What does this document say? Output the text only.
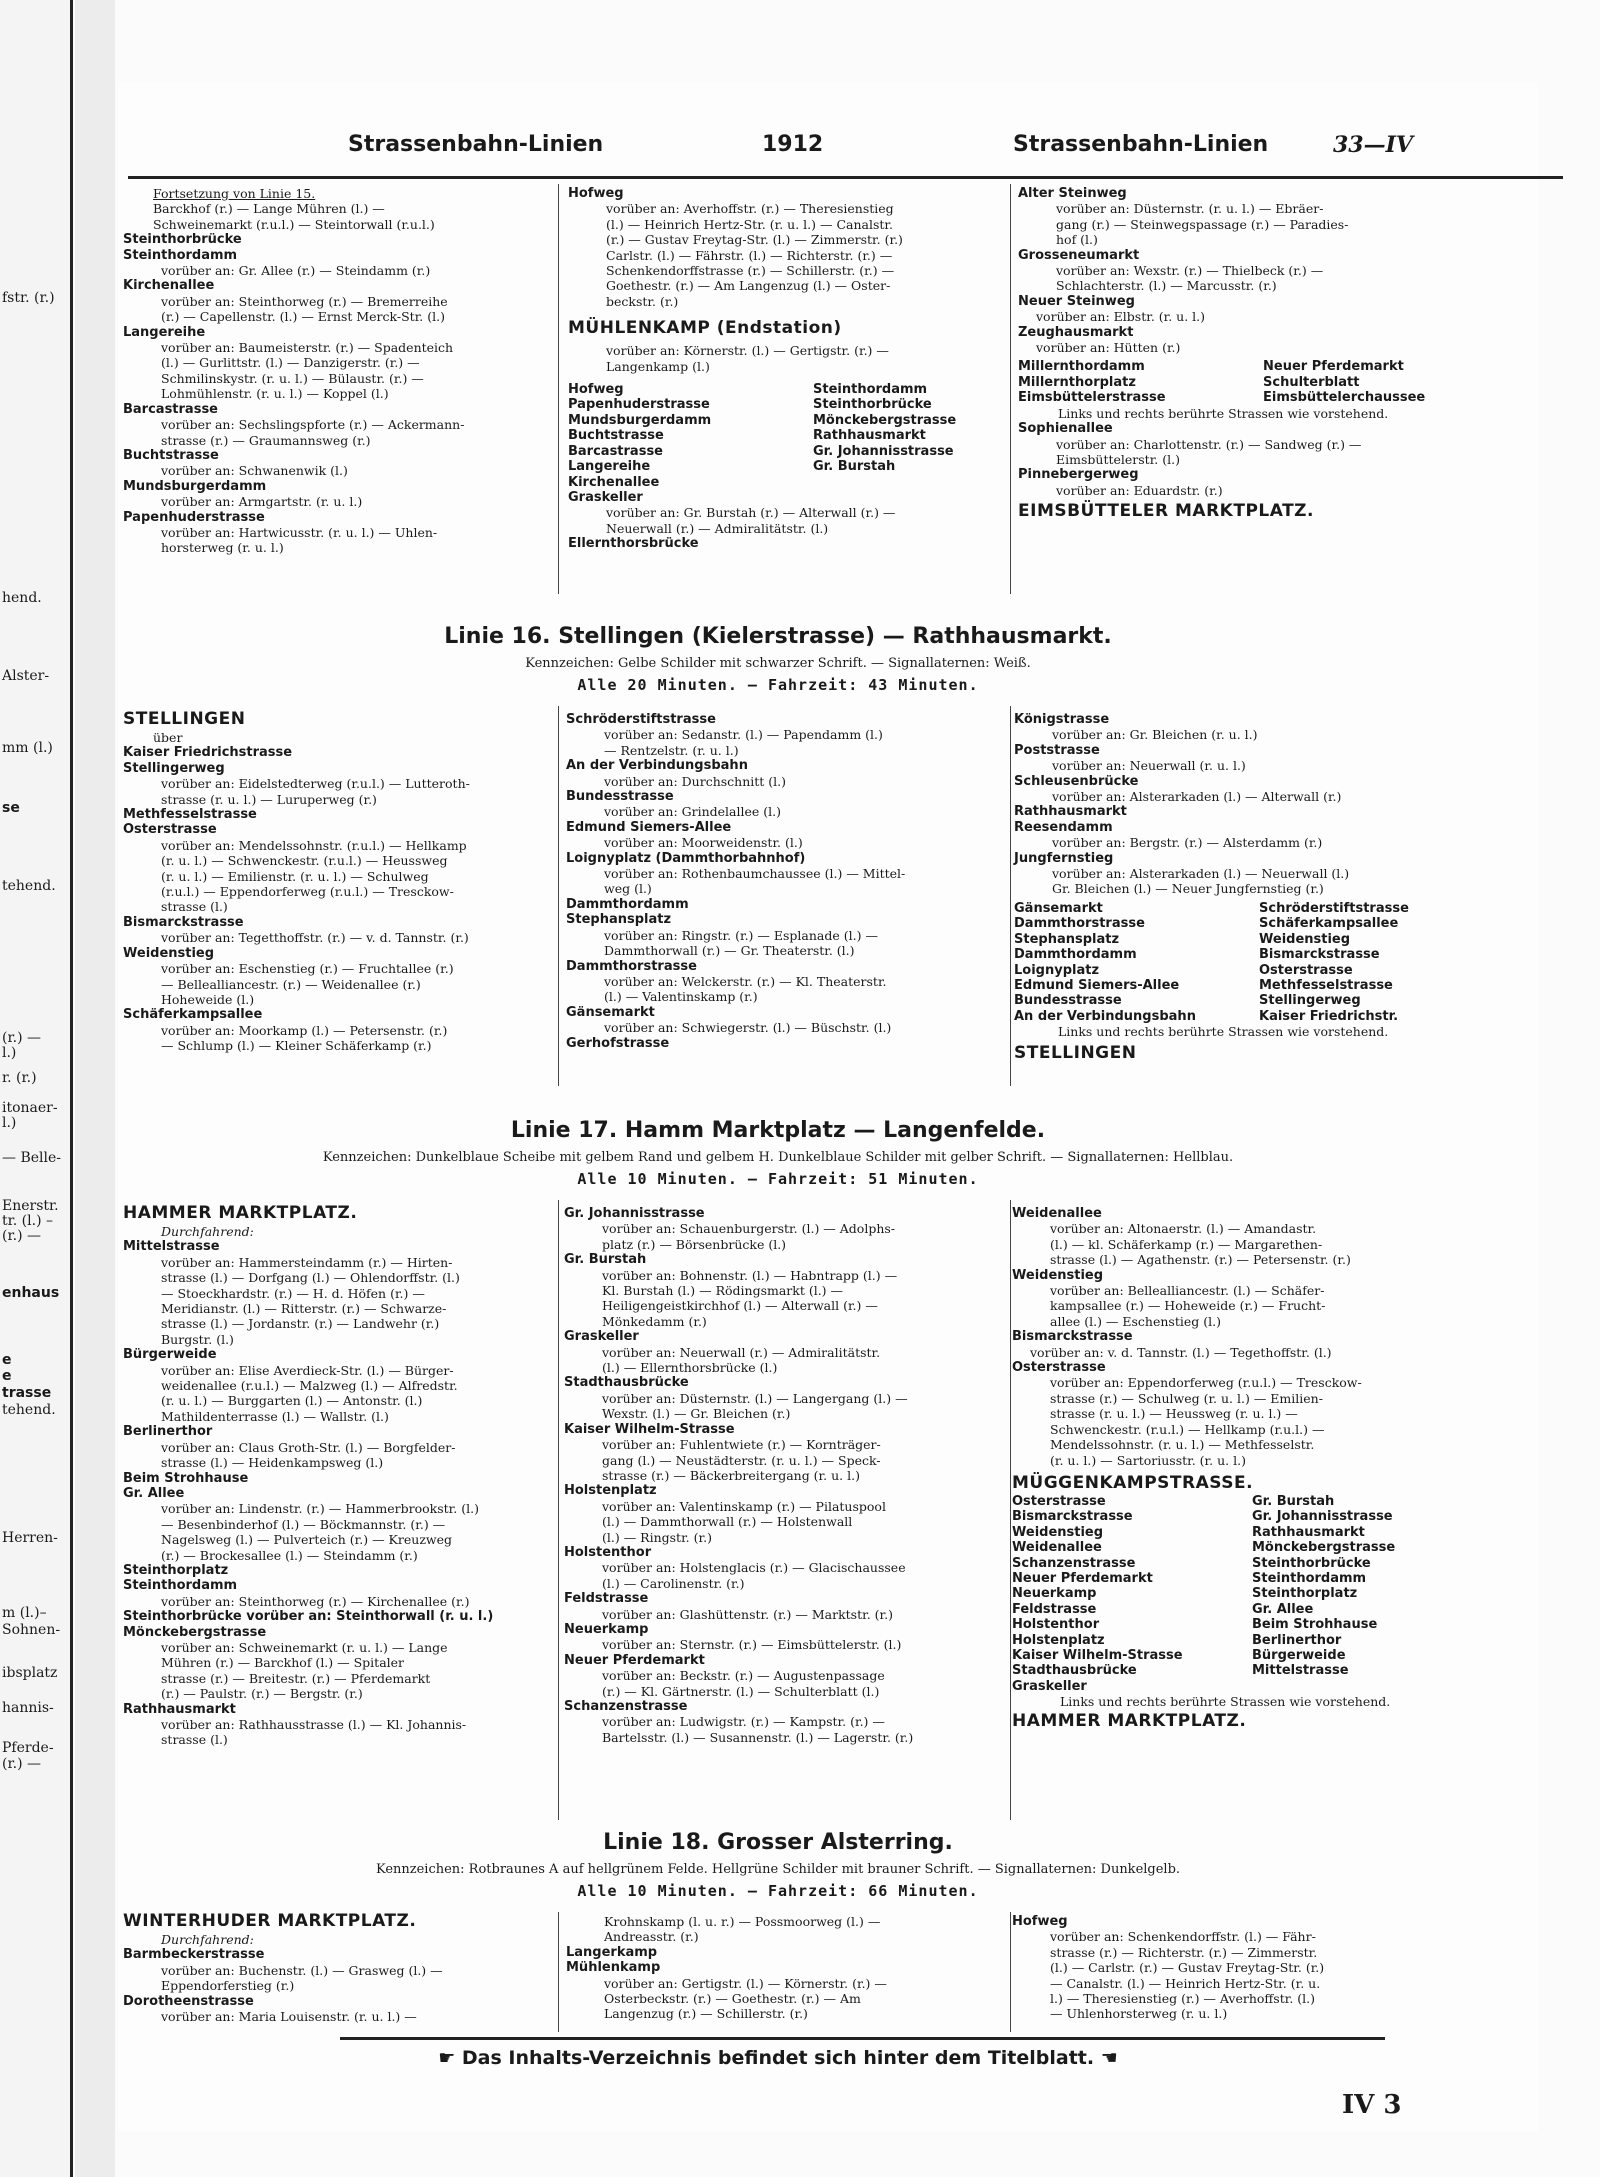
fstr. (r.)
hend.
Alster-
mm (l.)
se
tehend.
(r.) —
l.)
r. (r.)
itonaer-
l.)
— Belle-
Enerstr.
tr. (l.) –
(r.) —
enhaus
e
e
trasse
tehend.
Herren-
m (l.)–
Sohnen-
ibsplatz
hannis-
Pferde-
(r.) —
Strassenbahn-Linien	1912	Strassenbahn-Linien	33—IV
Fortsetzung von Linie 15.
Barckhof (r.) — Lange Mühren (l.) —
Schweinemarkt (r.u.l.) — Steintorwall (r.u.l.)
Steinthorbrücke
Steinthordamm
vorüber an: Gr. Allee (r.) — Steindamm (r.)
Kirchenallee
vorüber an: Steinthorweg (r.) — Bremerreihe
(r.) — Capellenstr. (l.) — Ernst Merck-Str. (l.)
Langereihe
vorüber an: Baumeisterstr. (r.) — Spadenteich
(l.) — Gurlittstr. (l.) — Danzigerstr. (r.) —
Schmilinskystr. (r. u. l.) — Bülaustr. (r.) —
Lohmühlenstr. (r. u. l.) — Koppel (l.)
Barcastrasse
vorüber an: Sechslingspforte (r.) — Ackermann-
strasse (r.) — Graumannsweg (r.)
Buchtstrasse
vorüber an: Schwanenwik (l.)
Mundsburgerdamm
vorüber an: Armgartstr. (r. u. l.)
Papenhuderstrasse
vorüber an: Hartwicusstr. (r. u. l.) — Uhlen-
horsterweg (r. u. l.)
Hofweg
vorüber an: Averhoffstr. (r.) — Theresienstieg
(l.) — Heinrich Hertz-Str. (r. u. l.) — Canalstr.
(r.) — Gustav Freytag-Str. (l.) — Zimmerstr. (r.)
Carlstr. (l.) — Fährstr. (l.) — Richterstr. (r.) —
Schenkendorffstrasse (r.) — Schillerstr. (r.) —
Goethestr. (r.) — Am Langenzug (l.) — Oster-
beckstr. (r.)
MÜHLENKAMP (Endstation)
vorüber an: Körnerstr. (l.) — Gertigstr. (r.) —
Langenkamp (l.)
Hofweg	Steinthordamm
Papenhuderstrasse	Steinthorbrücke
Mundsburgerdamm	Mönckebergstrasse
Buchtstrasse	Rathhausmarkt
Barcastrasse	Gr. Johannisstrasse
Langereihe	Gr. Burstah
Kirchenallee
Graskeller
vorüber an: Gr. Burstah (r.) — Alterwall (r.) —
Neuerwall (r.) — Admiralitätstr. (l.)
Ellernthorsbrücke
Alter Steinweg
vorüber an: Düsternstr. (r. u. l.) — Ebräer-
gang (r.) — Steinwegspassage (r.) — Paradies-
hof (l.)
Grosseneumarkt
vorüber an: Wexstr. (r.) — Thielbeck (r.) —
Schlachterstr. (l.) — Marcusstr. (r.)
Neuer Steinweg
vorüber an: Elbstr. (r. u. l.)
Zeughausmarkt
vorüber an: Hütten (r.)
Millernthordamm	Neuer Pferdemarkt
Millernthorplatz	Schulterblatt
Eimsbüttelerstrasse	Eimsbüttelerchaussee
Links und rechts berührte Strassen wie vorstehend.
Sophienallee
vorüber an: Charlottenstr. (r.) — Sandweg (r.) —
Eimsbüttelerstr. (l.)
Pinnebergerweg
vorüber an: Eduardstr. (r.)
EIMSBÜTTELER MARKTPLATZ.
Linie 16. Stellingen (Kielerstrasse) — Rathhausmarkt.
Kennzeichen: Gelbe Schilder mit schwarzer Schrift. — Signallaternen: Weiß.
Alle 20 Minuten. — Fahrzeit: 43 Minuten.
STELLINGEN
über
Kaiser Friedrichstrasse
Stellingerweg
vorüber an: Eidelstedterweg (r.u.l.) — Lutteroth-
strasse (r. u. l.) — Luruperweg (r.)
Methfesselstrasse
Osterstrasse
vorüber an: Mendelssohnstr. (r.u.l.) — Hellkamp
(r. u. l.) — Schwenckestr. (r.u.l.) — Heussweg
(r. u. l.) — Emilienstr. (r. u. l.) — Schulweg
(r.u.l.) — Eppendorferweg (r.u.l.) — Tresckow-
strasse (l.)
Bismarckstrasse
vorüber an: Tegetthoffstr. (r.) — v. d. Tannstr. (r.)
Weidenstieg
vorüber an: Eschenstieg (r.) — Fruchtallee (r.)
— Bellealliancestr. (r.) — Weidenallee (r.)
Hoheweide (l.)
Schäferkampsallee
vorüber an: Moorkamp (l.) — Petersenstr. (r.)
— Schlump (l.) — Kleiner Schäferkamp (r.)
Schröderstiftstrasse
vorüber an: Sedanstr. (l.) — Papendamm (l.)
— Rentzelstr. (r. u. l.)
An der Verbindungsbahn
vorüber an: Durchschnitt (l.)
Bundesstrasse
vorüber an: Grindelallee (l.)
Edmund Siemers-Allee
vorüber an: Moorweidenstr. (l.)
Loignyplatz (Dammthorbahnhof)
vorüber an: Rothenbaumchaussee (l.) — Mittel-
weg (l.)
Dammthordamm
Stephansplatz
vorüber an: Ringstr. (r.) — Esplanade (l.) —
Dammthorwall (r.) — Gr. Theaterstr. (l.)
Dammthorstrasse
vorüber an: Welckerstr. (r.) — Kl. Theaterstr.
(l.) — Valentinskamp (r.)
Gänsemarkt
vorüber an: Schwiegerstr. (l.) — Büschstr. (l.)
Gerhofstrasse
Königstrasse
vorüber an: Gr. Bleichen (r. u. l.)
Poststrasse
vorüber an: Neuerwall (r. u. l.)
Schleusenbrücke
vorüber an: Alsterarkaden (l.) — Alterwall (r.)
Rathhausmarkt
Reesendamm
vorüber an: Bergstr. (r.) — Alsterdamm (r.)
Jungfernstieg
vorüber an: Alsterarkaden (l.) — Neuerwall (l.)
Gr. Bleichen (l.) — Neuer Jungfernstieg (r.)
Gänsemarkt	Schröderstiftstrasse
Dammthorstrasse	Schäferkampsallee
Stephansplatz	Weidenstieg
Dammthordamm	Bismarckstrasse
Loignyplatz	Osterstrasse
Edmund Siemers-Allee	Methfesselstrasse
Bundesstrasse	Stellingerweg
An der Verbindungsbahn	Kaiser Friedrichstr.
Links und rechts berührte Strassen wie vorstehend.
STELLINGEN
Linie 17. Hamm Marktplatz — Langenfelde.
Kennzeichen: Dunkelblaue Scheibe mit gelbem Rand und gelbem H. Dunkelblaue Schilder mit gelber Schrift. — Signallaternen: Hellblau.
Alle 10 Minuten. — Fahrzeit: 51 Minuten.
HAMMER MARKTPLATZ.
Durchfahrend:
Mittelstrasse
vorüber an: Hammersteindamm (r.) — Hirten-
strasse (l.) — Dorfgang (l.) — Ohlendorffstr. (l.)
— Stoeckhardstr. (r.) — H. d. Höfen (r.) —
Meridianstr. (l.) — Ritterstr. (r.) — Schwarze-
strasse (l.) — Jordanstr. (r.) — Landwehr (r.)
Burgstr. (l.)
Bürgerweide
vorüber an: Elise Averdieck-Str. (l.) — Bürger-
weidenallee (r.u.l.) — Malzweg (l.) — Alfredstr.
(r. u. l.) — Burggarten (l.) — Antonstr. (l.)
Mathildenterrasse (l.) — Wallstr. (l.)
Berlinerthor
vorüber an: Claus Groth-Str. (l.) — Borgfelder-
strasse (l.) — Heidenkampsweg (l.)
Beim Strohhause
Gr. Allee
vorüber an: Lindenstr. (r.) — Hammerbrookstr. (l.)
— Besenbinderhof (l.) — Böckmannstr. (r.) —
Nagelsweg (l.) — Pulverteich (r.) — Kreuzweg
(r.) — Brockesallee (l.) — Steindamm (r.)
Steinthorplatz
Steinthordamm
vorüber an: Steinthorweg (r.) — Kirchenallee (r.)
Steinthorbrücke vorüber an: Steinthorwall (r. u. l.)
Mönckebergstrasse
vorüber an: Schweinemarkt (r. u. l.) — Lange
Mühren (r.) — Barckhof (l.) — Spitaler
strasse (r.) — Breitestr. (r.) — Pferdemarkt
(r.) — Paulstr. (r.) — Bergstr. (r.)
Rathhausmarkt
vorüber an: Rathhausstrasse (l.) — Kl. Johannis-
strasse (l.)
Gr. Johannisstrasse
vorüber an: Schauenburgerstr. (l.) — Adolphs-
platz (r.) — Börsenbrücke (l.)
Gr. Burstah
vorüber an: Bohnenstr. (l.) — Habntrapp (l.) —
Kl. Burstah (l.) — Rödingsmarkt (l.) —
Heiligengeistkirchhof (l.) — Alterwall (r.) —
Mönkedamm (r.)
Graskeller
vorüber an: Neuerwall (r.) — Admiralitätstr.
(l.) — Ellernthorsbrücke (l.)
Stadthausbrücke
vorüber an: Düsternstr. (l.) — Langergang (l.) —
Wexstr. (l.) — Gr. Bleichen (r.)
Kaiser Wilhelm-Strasse
vorüber an: Fuhlentwiete (r.) — Kornträger-
gang (l.) — Neustädterstr. (r. u. l.) — Speck-
strasse (r.) — Bäckerbreitergang (r. u. l.)
Holstenplatz
vorüber an: Valentinskamp (r.) — Pilatuspool
(l.) — Dammthorwall (r.) — Holstenwall
(l.) — Ringstr. (r.)
Holstenthor
vorüber an: Holstenglacis (r.) — Glacischaussee
(l.) — Carolinenstr. (r.)
Feldstrasse
vorüber an: Glashüttenstr. (r.) — Marktstr. (r.)
Neuerkamp
vorüber an: Sternstr. (r.) — Eimsbüttelerstr. (l.)
Neuer Pferdemarkt
vorüber an: Beckstr. (r.) — Augustenpassage
(r.) — Kl. Gärtnerstr. (l.) — Schulterblatt (l.)
Schanzenstrasse
vorüber an: Ludwigstr. (r.) — Kampstr. (r.) —
Bartelsstr. (l.) — Susannenstr. (l.) — Lagerstr. (r.)
Weidenallee
vorüber an: Altonaerstr. (l.) — Amandastr.
(l.) — kl. Schäferkamp (r.) — Margarethen-
strasse (l.) — Agathenstr. (r.) — Petersenstr. (r.)
Weidenstieg
vorüber an: Bellealliancestr. (l.) — Schäfer-
kampsallee (r.) — Hoheweide (r.) — Frucht-
allee (l.) — Eschenstieg (l.)
Bismarckstrasse
vorüber an: v. d. Tannstr. (l.) — Tegethoffstr. (l.)
Osterstrasse
vorüber an: Eppendorferweg (r.u.l.) — Tresckow-
strasse (r.) — Schulweg (r. u. l.) — Emilien-
strasse (r. u. l.) — Heussweg (r. u. l.) —
Schwenckestr. (r.u.l.) — Hellkamp (r.u.l.) —
Mendelssohnstr. (r. u. l.) — Methfesselstr.
(r. u. l.) — Sartoriusstr. (r. u. l.)
MÜGGENKAMPSTRASSE.
Osterstrasse	Gr. Burstah
Bismarckstrasse	Gr. Johannisstrasse
Weidenstieg	Rathhausmarkt
Weidenallee	Mönckebergstrasse
Schanzenstrasse	Steinthorbrücke
Neuer Pferdemarkt	Steinthordamm
Neuerkamp	Steinthorplatz
Feldstrasse	Gr. Allee
Holstenthor	Beim Strohhause
Holstenplatz	Berlinerthor
Kaiser Wilhelm-Strasse	Bürgerweide
Stadthausbrücke	Mittelstrasse
Graskeller
Links und rechts berührte Strassen wie vorstehend.
HAMMER MARKTPLATZ.
Linie 18. Grosser Alsterring.
Kennzeichen: Rotbraunes A auf hellgrünem Felde. Hellgrüne Schilder mit brauner Schrift. — Signallaternen: Dunkelgelb.
Alle 10 Minuten. — Fahrzeit: 66 Minuten.
WINTERHUDER MARKTPLATZ.
Durchfahrend:
Barmbeckerstrasse
vorüber an: Buchenstr. (l.) — Grasweg (l.) —
Eppendorferstieg (r.)
Dorotheenstrasse
vorüber an: Maria Louisenstr. (r. u. l.) —
Krohnskamp (l. u. r.) — Possmoorweg (l.) —
Andreasstr. (r.)
Langerkamp
Mühlenkamp
vorüber an: Gertigstr. (l.) — Körnerstr. (r.) —
Osterbeckstr. (r.) — Goethestr. (r.) — Am
Langenzug (r.) — Schillerstr. (r.)
Hofweg
vorüber an: Schenkendorffstr. (l.) — Fähr-
strasse (r.) — Richterstr. (r.) — Zimmerstr.
(l.) — Carlstr. (r.) — Gustav Freytag-Str. (r.)
— Canalstr. (l.) — Heinrich Hertz-Str. (r. u.
l.) — Theresienstieg (r.) — Averhoffstr. (l.)
— Uhlenhorsterweg (r. u. l.)
☛ Das Inhalts-Verzeichnis befindet sich hinter dem Titelblatt. ☚
IV 3
